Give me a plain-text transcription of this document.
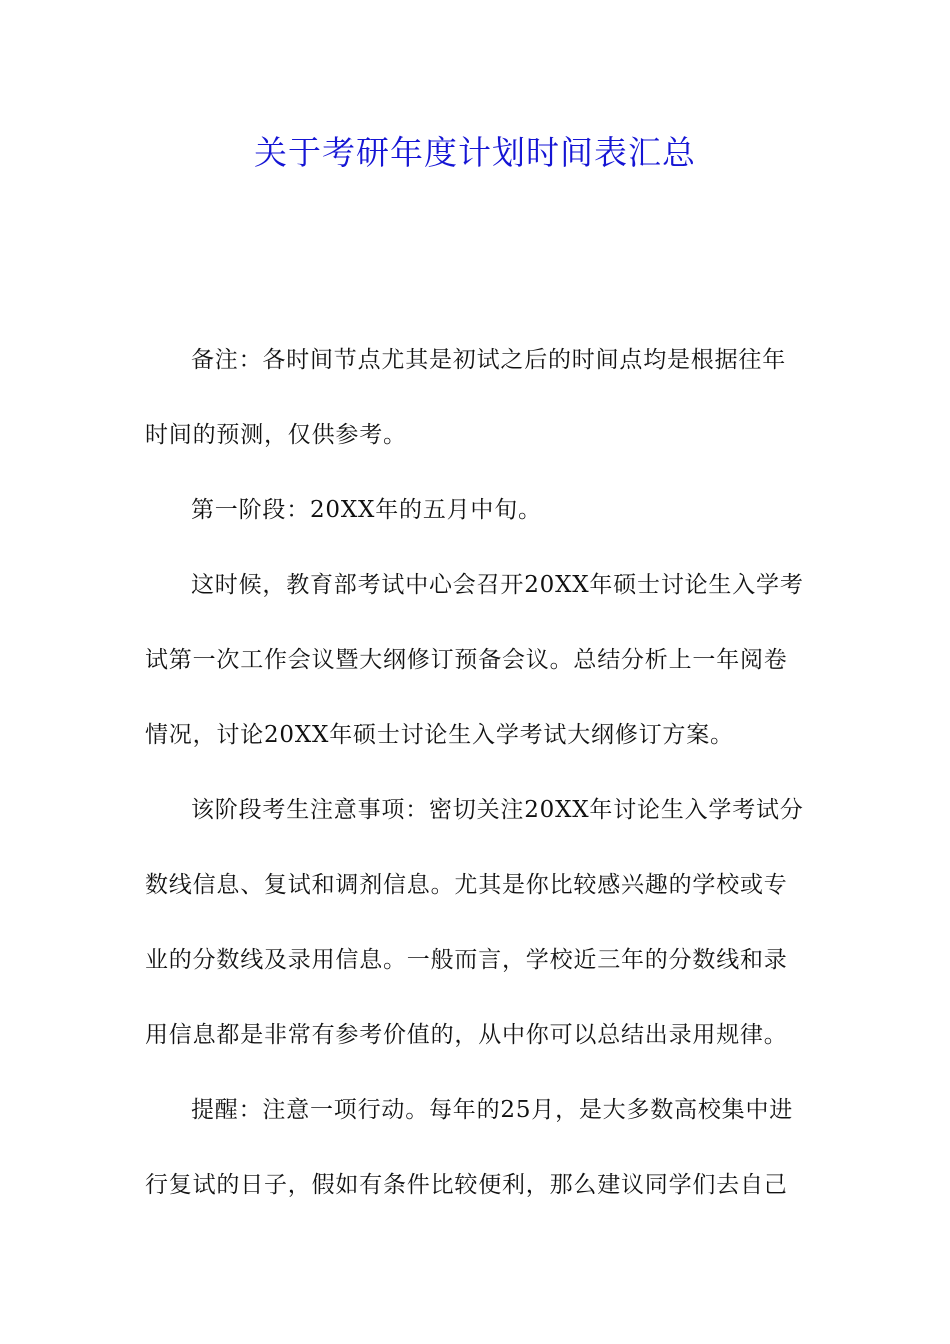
关于考研年度计划时间表汇总

备注：各时间节点尤其是初试之后的时间点均是根据往年
时间的预测，仅供参考。

第一阶段：20XX年的五月中旬。

这时候，教育部考试中心会召开20XX年硕士讨论生入学考
试第一次工作会议暨大纲修订预备会议。总结分析上一年阅卷
情况，讨论20XX年硕士讨论生入学考试大纲修订方案。

该阶段考生注意事项：密切关注20XX年讨论生入学考试分
数线信息、复试和调剂信息。尤其是你比较感兴趣的学校或专
业的分数线及录用信息。一般而言，学校近三年的分数线和录
用信息都是非常有参考价值的，从中你可以总结出录用规律。

提醒：注意一项行动。每年的25月，是大多数高校集中进
行复试的日子，假如有条件比较便利，那么建议同学们去自己
